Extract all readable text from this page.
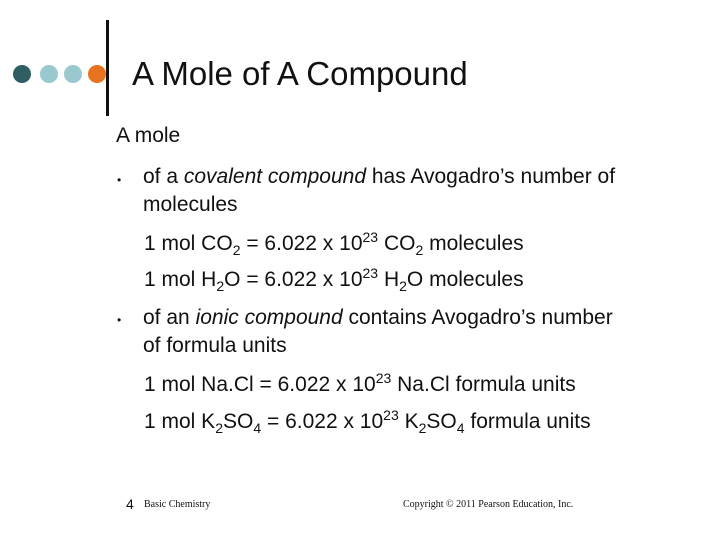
A Mole of A Compound
A mole
• of a covalent compound has Avogadro’s number of
molecules
1 mol $CO_2 = 6.022$ x $10^{23}$ $CO_2$ molecules
1 mol $H_2O = 6.022$ x $10^{23}$ $H_2O$ molecules
• of an ionic compound contains Avogadro’s number
of formula units
1 mol Na.Cl = 6.022 x $10^{23}$ Na.Cl formula units
1 mol $K_2SO_4 = 6.022$ x $10^{23}$ $K_2SO_4$ formula units
4 Basic Chemistry	Copyright © 2011 Pearson Education, Inc.
